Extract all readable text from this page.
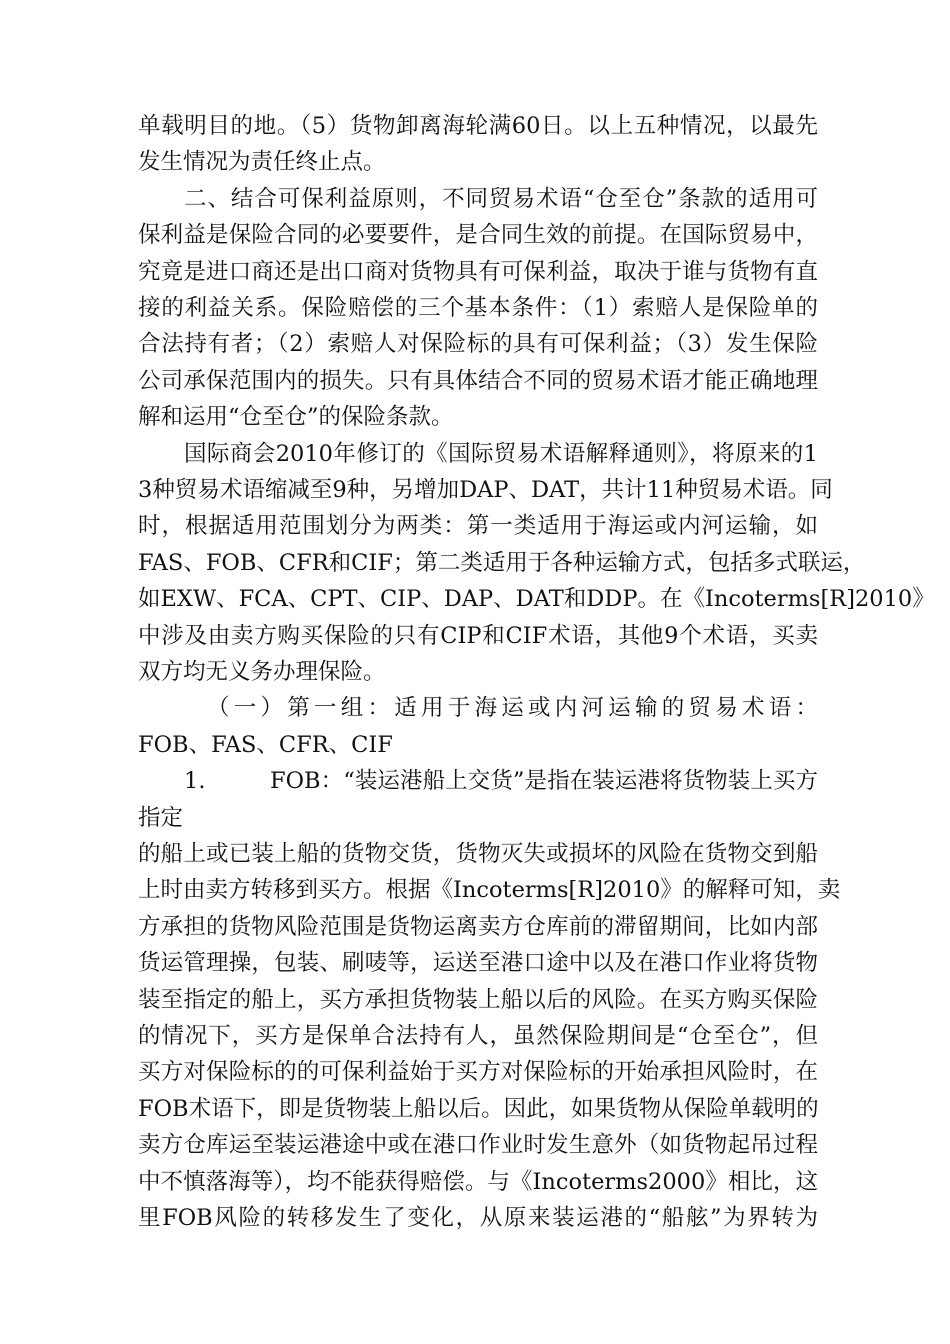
单载明目的地。（5）货物卸离海轮满60日。以上五种情况，以最先
发生情况为责任终止点。
二、结合可保利益原则，不同贸易术语“仓至仓”条款的适用可
保利益是保险合同的必要要件，是合同生效的前提。在国际贸易中，
究竟是进口商还是出口商对货物具有可保利益，取决于谁与货物有直
接的利益关系。保险赔偿的三个基本条件：（1）索赔人是保险单的
合法持有者；（2）索赔人对保险标的具有可保利益；（3）发生保险
公司承保范围内的损失。只有具体结合不同的贸易术语才能正确地理
解和运用“仓至仓”的保险条款。
国际商会2010年修订的《国际贸易术语解释通则》，将原来的1
3种贸易术语缩减至9种，另增加DAP、DAT，共计11种贸易术语。同
时，根据适用范围划分为两类：第一类适用于海运或内河运输，如
FAS、FOB、CFR和CIF；第二类适用于各种运输方式，包括多式联运，
如EXW、FCA、CPT、CIP、DAP、DAT和DDP。在《Incoterms[R]2010》
中涉及由卖方购买保险的只有CIP和CIF术语，其他9个术语，买卖
双方均无义务办理保险。
（一）第一组：适用于海运或内河运输的贸易术语：
FOB、FAS、CFR、CIF
1.	FOB：“装运港船上交货”是指在装运港将货物装上买方
指定
的船上或已装上船的货物交货，货物灭失或损坏的风险在货物交到船
上时由卖方转移到买方。根据《Incoterms[R]2010》的解释可知，卖
方承担的货物风险范围是货物运离卖方仓库前的滞留期间，比如内部
货运管理操，包装、刷唛等，运送至港口途中以及在港口作业将货物
装至指定的船上，买方承担货物装上船以后的风险。在买方购买保险
的情况下，买方是保单合法持有人，虽然保险期间是“仓至仓”，但
买方对保险标的的可保利益始于买方对保险标的开始承担风险时，在
FOB术语下，即是货物装上船以后。因此，如果货物从保险单载明的
卖方仓库运至装运港途中或在港口作业时发生意外（如货物起吊过程
中不慎落海等），均不能获得赔偿。与《Incoterms2000》相比，这
里FOB风险的转移发生了变化，从原来装运港的“船舷”为界转为
